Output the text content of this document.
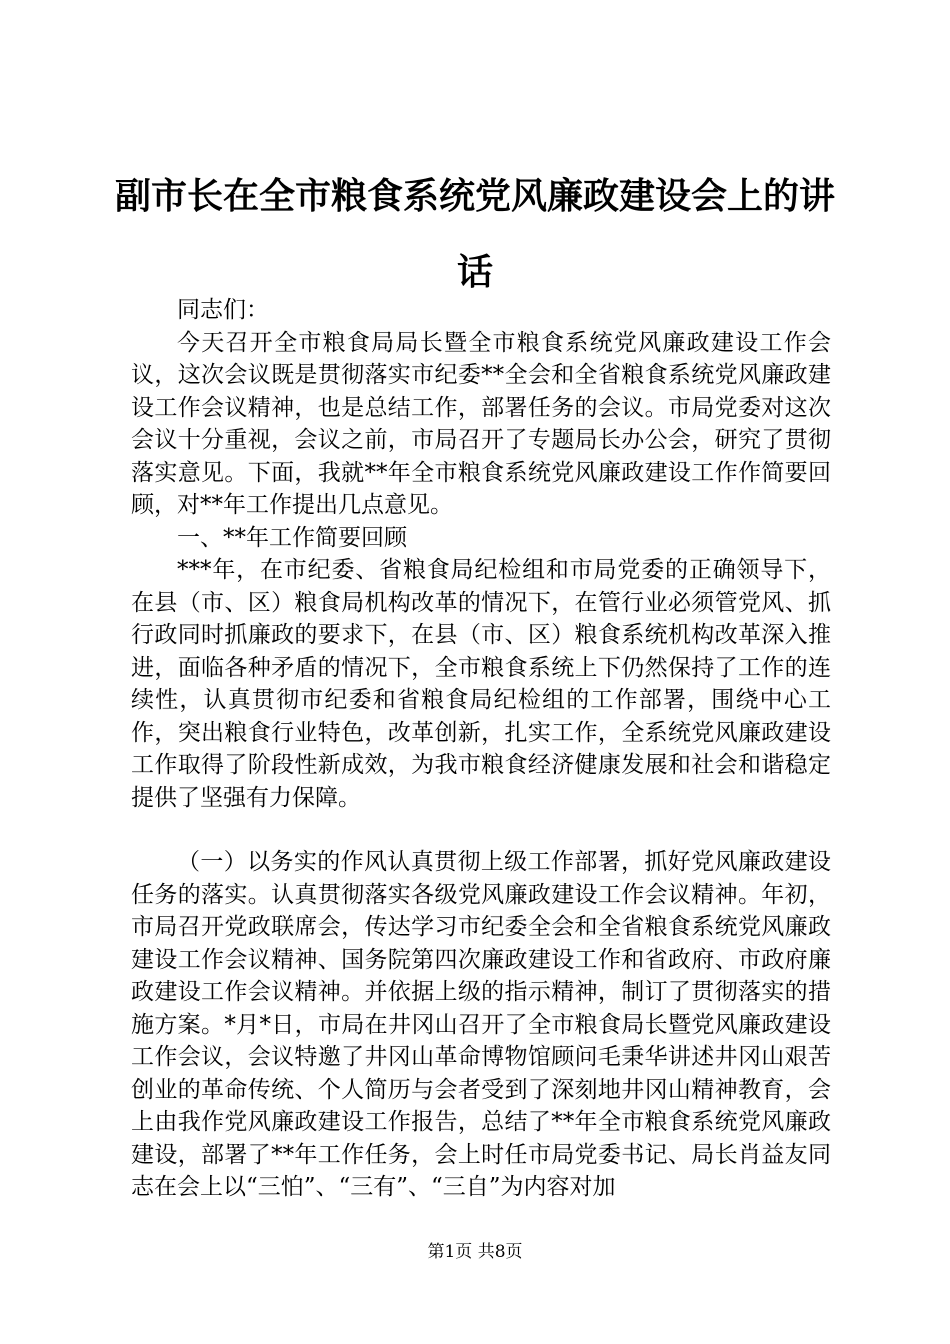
副市长在全市粮食系统党风廉政建设会上的讲话

同志们：

今天召开全市粮食局局长暨全市粮食系统党风廉政建设工作会议，这次会议既是贯彻落实市纪委**全会和全省粮食系统党风廉政建设工作会议精神，也是总结工作，部署任务的会议。市局党委对这次会议十分重视，会议之前，市局召开了专题局长办公会，研究了贯彻落实意见。下面，我就**年全市粮食系统党风廉政建设工作作简要回顾，对**年工作提出几点意见。

一、**年工作简要回顾

***年，在市纪委、省粮食局纪检组和市局党委的正确领导下，在县（市、区）粮食局机构改革的情况下，在管行业必须管党风、抓行政同时抓廉政的要求下，在县（市、区）粮食系统机构改革深入推进，面临各种矛盾的情况下，全市粮食系统上下仍然保持了工作的连续性，认真贯彻市纪委和省粮食局纪检组的工作部署，围绕中心工作，突出粮食行业特色，改革创新，扎实工作，全系统党风廉政建设工作取得了阶段性新成效，为我市粮食经济健康发展和社会和谐稳定提供了坚强有力保障。

（一）以务实的作风认真贯彻上级工作部署，抓好党风廉政建设任务的落实。认真贯彻落实各级党风廉政建设工作会议精神。年初，市局召开党政联席会，传达学习市纪委全会和全省粮食系统党风廉政建设工作会议精神、国务院第四次廉政建设工作和省政府、市政府廉政建设工作会议精神。并依据上级的指示精神，制订了贯彻落实的措施方案。*月*日，市局在井冈山召开了全市粮食局长暨党风廉政建设工作会议，会议特邀了井冈山革命博物馆顾问毛秉华讲述井冈山艰苦创业的革命传统、个人简历与会者受到了深刻地井冈山精神教育，会上由我作党风廉政建设工作报告，总结了**年全市粮食系统党风廉政建设，部署了**年工作任务，会上时任市局党委书记、局长肖益友同志在会上以“三怕”、“三有”、“三自”为内容对加

第1页 共8页
